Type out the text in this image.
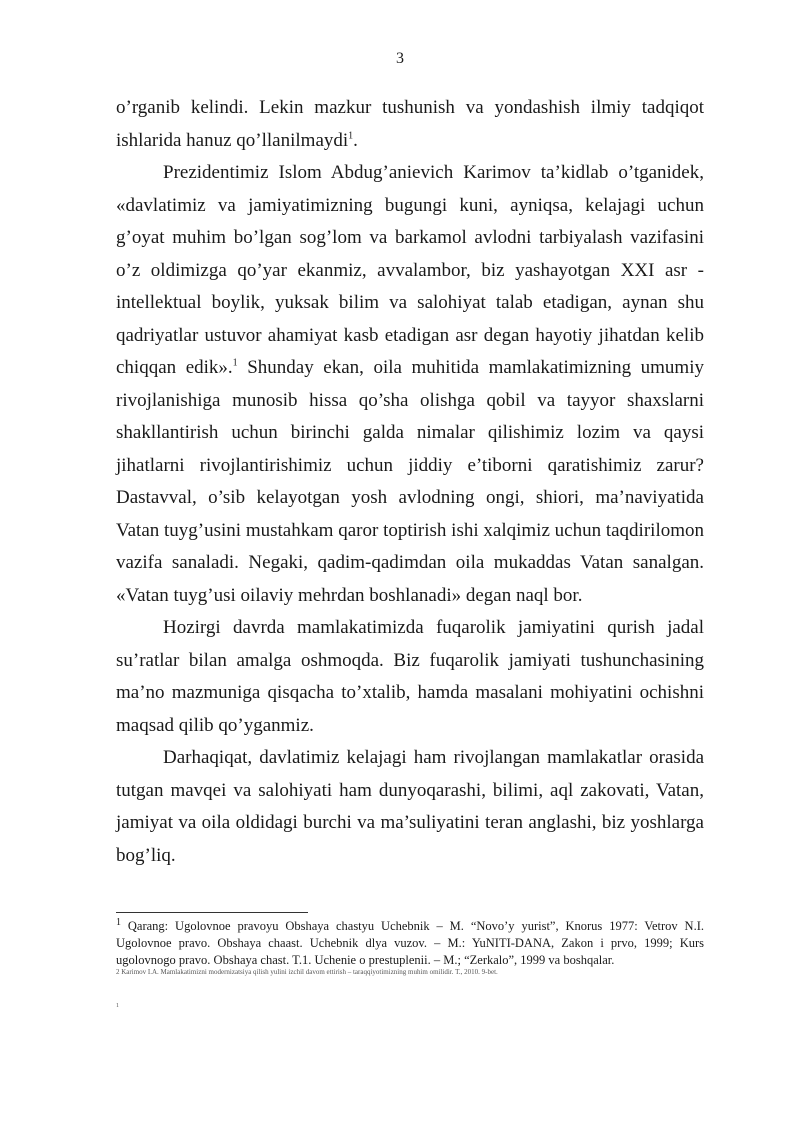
3

o’rganib kelindi. Lekin mazkur tushunish va yondashish ilmiy tadqiqot ishlarida hanuz qo’llanilmaydi$^1$.

Prezidentimiz Islom Abdug’anievich Karimov ta’kidlab o’tganidek, «davlatimiz va jamiyatimizning bugungi kuni, ayniqsa, kelajagi uchun g’oyat muhim bo’lgan sog’lom va barkamol avlodni tarbiyalash vazifasini o’z oldimizga qo’yar ekanmiz, avvalambor, biz yashayotgan XXI asr - intellektual boylik, yuksak bilim va salohiyat talab etadigan, aynan shu qadriyatlar ustuvor ahamiyat kasb etadigan asr degan hayotiy jihatdan kelib chiqqan edik».$^1$ Shunday ekan, oila muhitida mamlakatimizning umumiy rivojlanishiga munosib hissa qo’sha olishga qobil va tayyor shaxslarni shakllantirish uchun birinchi galda nimalar qilishimiz lozim va qaysi jihatlarni rivojlantirishimiz uchun jiddiy e’tiborni qaratishimiz zarur? Dastavval, o’sib kelayotgan yosh avlodning ongi, shiori, ma’naviyatida Vatan tuyg’usini mustahkam qaror toptirish ishi xalqimiz uchun taqdirilomon vazifa sanaladi. Negaki, qadim-qadimdan oila mukaddas Vatan sanalgan. «Vatan tuyg’usi oilaviy mehrdan boshlanadi» degan naql bor.

Hozirgi davrda mamlakatimizda fuqarolik jamiyatini qurish jadal su’ratlar bilan amalga oshmoqda. Biz fuqarolik jamiyati tushunchasining ma’no mazmuniga qisqacha to’xtalib, hamda masalani mohiyatini ochishni maqsad qilib qo’yganmiz.

Darhaqiqat, davlatimiz kelajagi ham rivojlangan mamlakatlar orasida tutgan mavqei va salohiyati ham dunyoqarashi, bilimi, aql zakovati, Vatan, jamiyat va oila oldidagi burchi va ma’suliyatini teran anglashi, biz yoshlarga bog’liq.

$^1$ Qarang: Ugolovnoe pravoyu Obshaya chastyu Uchebnik – M. “Novo’y yurist”, Knorus 1977: Vetrov N.I. Ugolovnoe pravo. Obshaya chaast. Uchebnik dlya vuzov. – M.: YuNITI-DANA, Zakon i prvo, 1999; Kurs ugolovnogo pravo. Obshaya chast. T.1. Uchenie o prestuplenii. – M.; “Zerkalo”, 1999 va boshqalar.

2 Karimov I.A. Mamlakatimizni modernizatsiya qilish yulini izchil davom ettirish – taraqqiyotimizning muhim omilidir. T., 2010. 9-bet.
1
